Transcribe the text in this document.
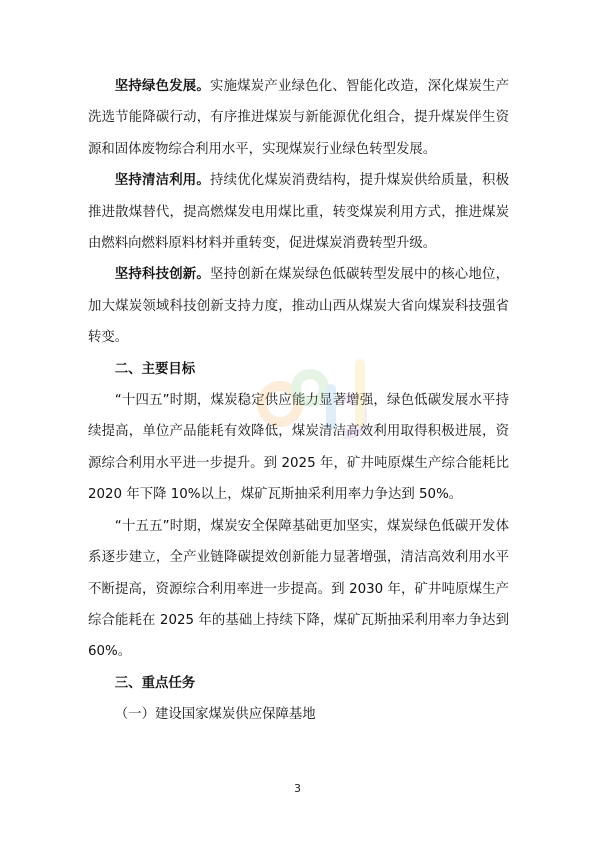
坚持绿色发展。实施煤炭产业绿色化、智能化改造，深化煤炭生产洗选节能降碳行动，有序推进煤炭与新能源优化组合，提升煤炭伴生资源和固体废物综合利用水平，实现煤炭行业绿色转型发展。

坚持清洁利用。持续优化煤炭消费结构，提升煤炭供给质量，积极推进散煤替代，提高燃煤发电用煤比重，转变煤炭利用方式，推进煤炭由燃料向燃料原料材料并重转变，促进煤炭消费转型升级。

坚持科技创新。坚持创新在煤炭绿色低碳转型发展中的核心地位，加大煤炭领域科技创新支持力度，推动山西从煤炭大省向煤炭科技强省转变。

二、主要目标

“十四五”时期，煤炭稳定供应能力显著增强，绿色低碳发展水平持续提高，单位产品能耗有效降低，煤炭清洁高效利用取得积极进展，资源综合利用水平进一步提升。到 2025 年，矿井吨原煤生产综合能耗比 2020 年下降 10%以上，煤矿瓦斯抽采利用率力争达到 50%。

“十五五”时期，煤炭安全保障基础更加坚实，煤炭绿色低碳开发体系逐步建立，全产业链降碳提效创新能力显著增强，清洁高效利用水平不断提高，资源综合利用率进一步提高。到 2030 年，矿井吨原煤生产综合能耗在 2025 年的基础上持续下降，煤矿瓦斯抽采利用率力争达到 60%。

三、重点任务

（一）建设国家煤炭供应保障基地

3
